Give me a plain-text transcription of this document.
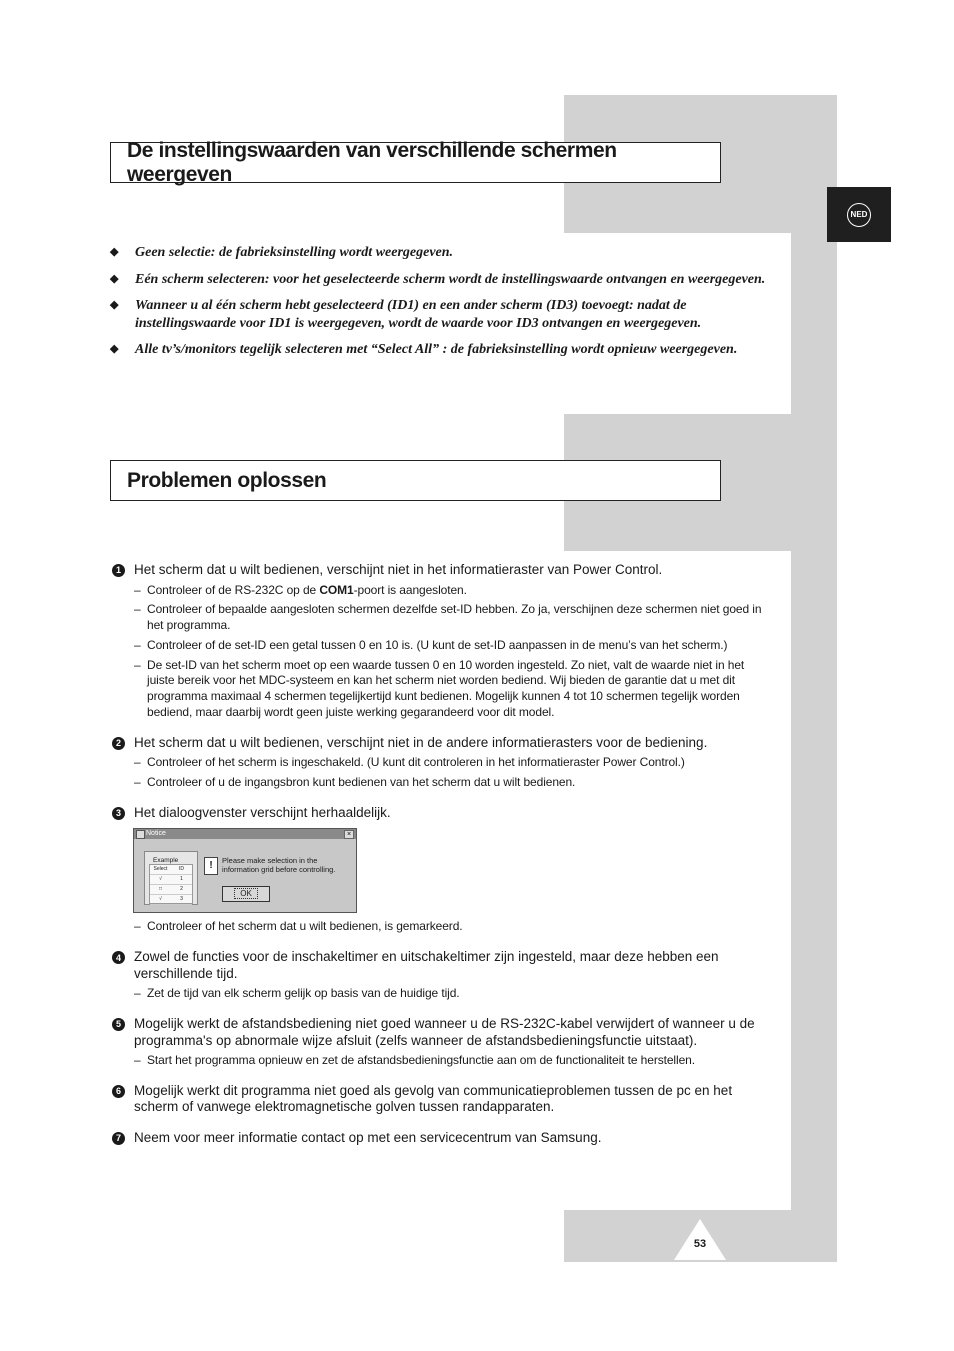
NED
De instellingswaarden van verschillende schermen weergeven
◆ Geen selectie: de fabrieksinstelling wordt weergegeven.
◆ Eén scherm selecteren: voor het geselecteerde scherm wordt de instellingswaarde ontvangen en weergegeven.
◆ Wanneer u al één scherm hebt geselecteerd (ID1) en een ander scherm (ID3) toevoegt: nadat de instellingswaarde voor ID1 is weergegeven, wordt de waarde voor ID3 ontvangen en weergegeven.
◆ Alle tv’s/monitors tegelijk selecteren met “Select All” : de fabrieksinstelling wordt opnieuw weergegeven.
Problemen oplossen
1 Het scherm dat u wilt bedienen, verschijnt niet in het informatieraster van Power Control.
– Controleer of de RS-232C op de COM1-poort is aangesloten.
– Controleer of bepaalde aangesloten schermen dezelfde set-ID hebben. Zo ja, verschijnen deze schermen niet goed in het programma.
– Controleer of de set-ID een getal tussen 0 en 10 is. (U kunt de set-ID aanpassen in de menu’s van het scherm.)
– De set-ID van het scherm moet op een waarde tussen 0 en 10 worden ingesteld. Zo niet, valt de waarde niet in het juiste bereik voor het MDC-systeem en kan het scherm niet worden bediend. Wij bieden de garantie dat u met dit programma maximaal 4 schermen tegelijkertijd kunt bedienen. Mogelijk kunnen 4 tot 10 schermen tegelijk worden bediend, maar daarbij wordt geen juiste werking gegarandeerd voor dit model.
2 Het scherm dat u wilt bedienen, verschijnt niet in de andere informatierasters voor de bediening.
– Controleer of het scherm is ingeschakeld. (U kunt dit controleren in het informatieraster Power Control.)
– Controleer of u de ingangsbron kunt bedienen van het scherm dat u wilt bedienen.
3 Het dialoogvenster verschijnt herhaaldelijk.
Notice	×
Example
Select	ID
√	1
□	2
√	3
!	Please make selection in the
information grid before controlling.
OK
– Controleer of het scherm dat u wilt bedienen, is gemarkeerd.
4 Zowel de functies voor de inschakeltimer en uitschakeltimer zijn ingesteld, maar deze hebben een verschillende tijd.
– Zet de tijd van elk scherm gelijk op basis van de huidige tijd.
5 Mogelijk werkt de afstandsbediening niet goed wanneer u de RS-232C-kabel verwijdert of wanneer u de programma's op abnormale wijze afsluit (zelfs wanneer de afstandsbedieningsfunctie uitstaat).
– Start het programma opnieuw en zet de afstandsbedieningsfunctie aan om de functionaliteit te herstellen.
6 Mogelijk werkt dit programma niet goed als gevolg van communicatieproblemen tussen de pc en het scherm of vanwege elektromagnetische golven tussen randapparaten.
7 Neem voor meer informatie contact op met een servicecentrum van Samsung.
53
